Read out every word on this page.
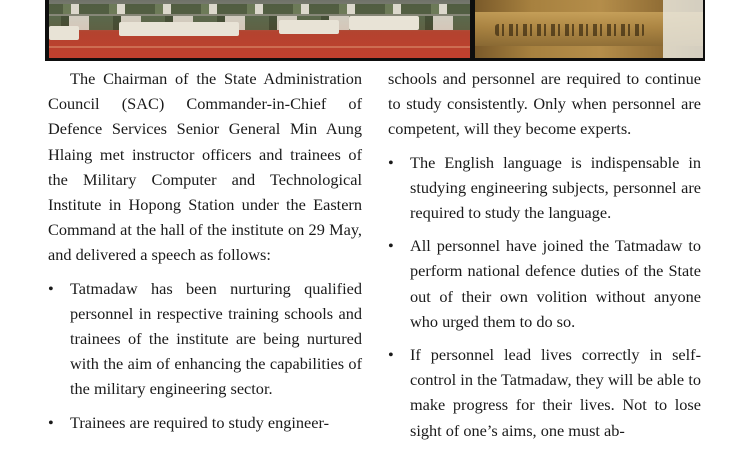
The Chairman of the State Administration Council (SAC) Commander-in-Chief of Defence Services Senior General Min Aung Hlaing met instructor officers and trainees of the Military Computer and Technological Institute in Hopong Station under the Eastern Command at the hall of the institute on 29 May, and delivered a speech as follows:

• Tatmadaw has been nurturing qualified personnel in respective training schools and trainees of the institute are being nurtured with the aim of enhancing the capabilities of the military engineering sector.
• Trainees are required to study engineer-

schools and personnel are required to continue to study consistently. Only when personnel are competent, will they become experts.

• The English language is indispensable in studying engineering subjects, personnel are required to study the language.
• All personnel have joined the Tatmadaw to perform national defence duties of the State out of their own volition without anyone who urged them to do so.
• If personnel lead lives correctly in self-control in the Tatmadaw, they will be able to make progress for their lives. Not to lose sight of one’s aims, one must ab-
